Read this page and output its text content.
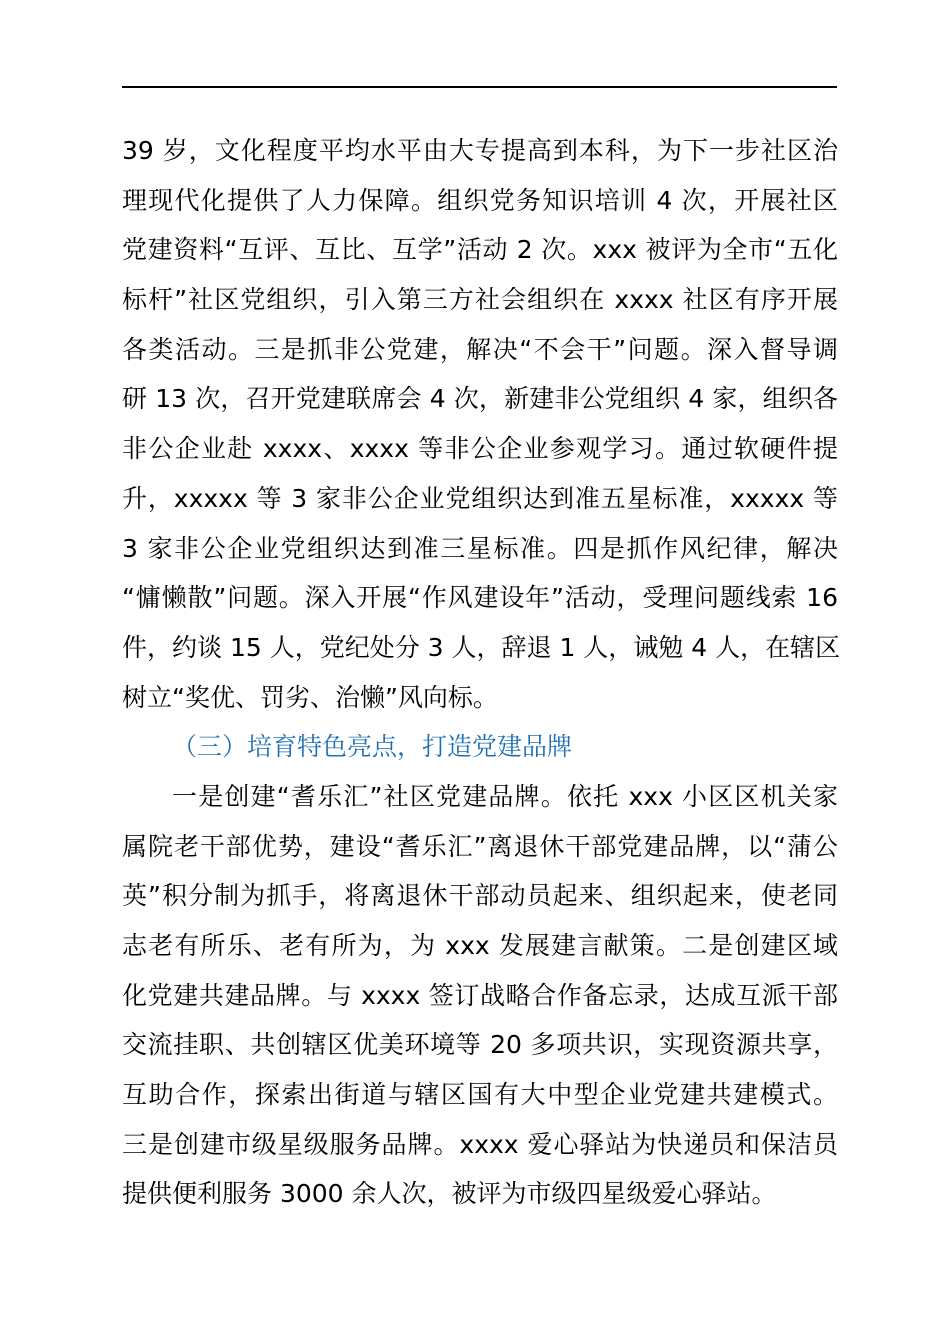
39 岁，文化程度平均水平由大专提高到本科，为下一步社区治
理现代化提供了人力保障。组织党务知识培训 4 次，开展社区
党建资料“互评、互比、互学”活动 2 次。xxx 被评为全市“五化
标杆”社区党组织，引入第三方社会组织在 xxxx 社区有序开展
各类活动。三是抓非公党建，解决“不会干”问题。深入督导调
研 13 次，召开党建联席会 4 次，新建非公党组织 4 家，组织各
非公企业赴 xxxx、xxxx 等非公企业参观学习。通过软硬件提
升，xxxxx 等 3 家非公企业党组织达到准五星标准，xxxxx 等
3 家非公企业党组织达到准三星标准。四是抓作风纪律，解决
“慵懒散”问题。深入开展“作风建设年”活动，受理问题线索 16
件，约谈 15 人，党纪处分 3 人，辞退 1 人，诫勉 4 人，在辖区
树立“奖优、罚劣、治懒”风向标。
（三）培育特色亮点，打造党建品牌
一是创建“耆乐汇”社区党建品牌。依托 xxx 小区区机关家
属院老干部优势，建设“耆乐汇”离退休干部党建品牌，以“蒲公
英”积分制为抓手，将离退休干部动员起来、组织起来，使老同
志老有所乐、老有所为，为 xxx 发展建言献策。二是创建区域
化党建共建品牌。与 xxxx 签订战略合作备忘录，达成互派干部
交流挂职、共创辖区优美环境等 20 多项共识，实现资源共享，
互助合作，探索出街道与辖区国有大中型企业党建共建模式。
三是创建市级星级服务品牌。xxxx 爱心驿站为快递员和保洁员
提供便利服务 3000 余人次，被评为市级四星级爱心驿站。
